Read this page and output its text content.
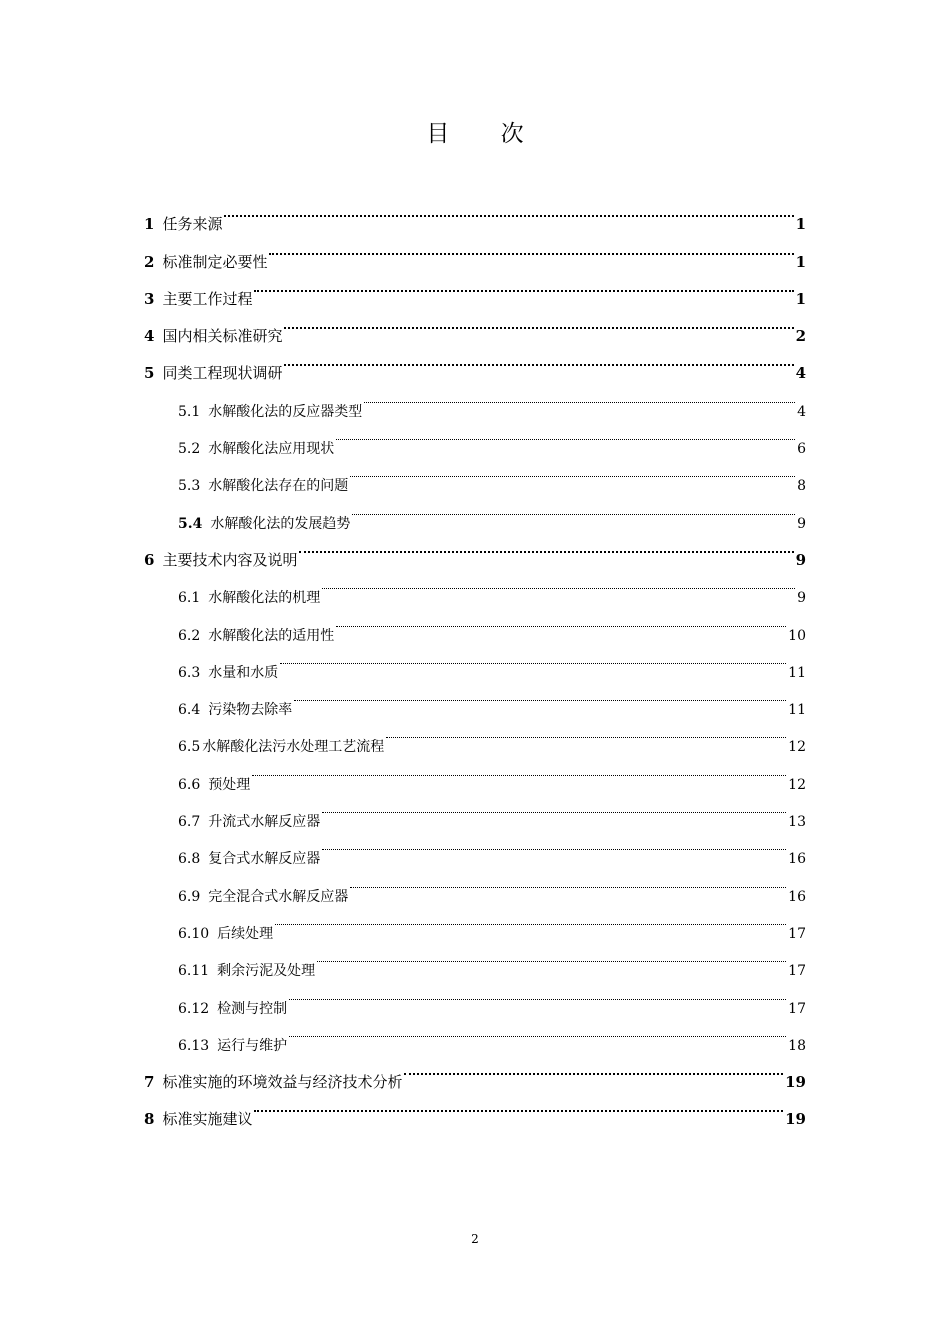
目 次
1 任务来源	1
2 标准制定必要性	1
3 主要工作过程	1
4 国内相关标准研究	2
5 同类工程现状调研	4
5.1 水解酸化法的反应器类型	4
5.2 水解酸化法应用现状	6
5.3 水解酸化法存在的问题	8
5.4 水解酸化法的发展趋势	9
6 主要技术内容及说明	9
6.1 水解酸化法的机理	9
6.2 水解酸化法的适用性	10
6.3 水量和水质	11
6.4 污染物去除率	11
6.5 水解酸化法污水处理工艺流程	12
6.6 预处理	12
6.7 升流式水解反应器	13
6.8 复合式水解反应器	16
6.9 完全混合式水解反应器	16
6.10 后续处理	17
6.11 剩余污泥及处理	17
6.12 检测与控制	17
6.13 运行与维护	18
7 标准实施的环境效益与经济技术分析	19
8 标准实施建议	19
2
